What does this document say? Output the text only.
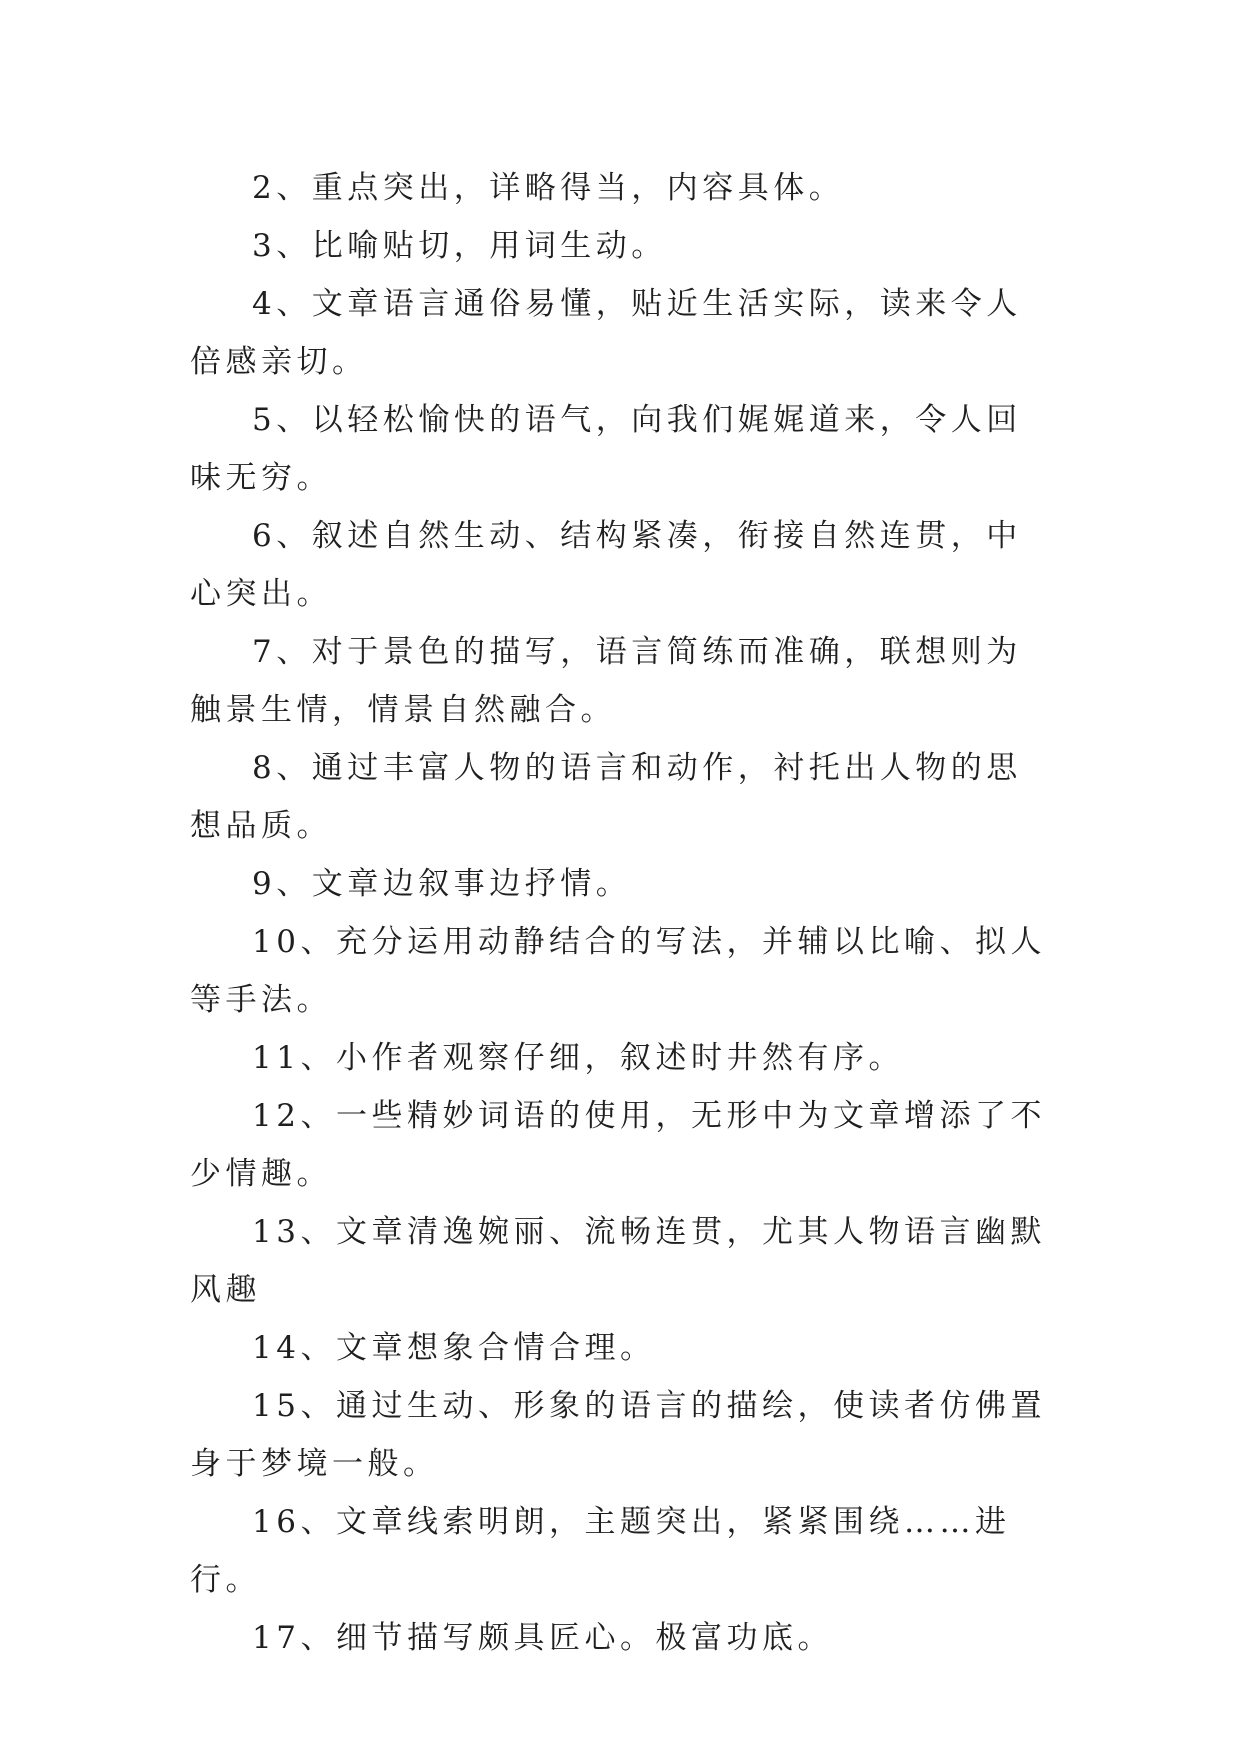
2、重点突出，详略得当，内容具体。

3、比喻贴切，用词生动。

4、文章语言通俗易懂，贴近生活实际，读来令人倍感亲切。

5、以轻松愉快的语气，向我们娓娓道来，令人回味无穷。

6、叙述自然生动、结构紧凑，衔接自然连贯，中心突出。

7、对于景色的描写，语言简练而准确，联想则为触景生情，情景自然融合。

8、通过丰富人物的语言和动作，衬托出人物的思想品质。

9、文章边叙事边抒情。

10、充分运用动静结合的写法，并辅以比喻、拟人等手法。

11、小作者观察仔细，叙述时井然有序。

12、一些精妙词语的使用，无形中为文章增添了不少情趣。

13、文章清逸婉丽、流畅连贯，尤其人物语言幽默风趣

14、文章想象合情合理。

15、通过生动、形象的语言的描绘，使读者仿佛置身于梦境一般。

16、文章线索明朗，主题突出，紧紧围绕……进行。

17、细节描写颇具匠心。极富功底。
